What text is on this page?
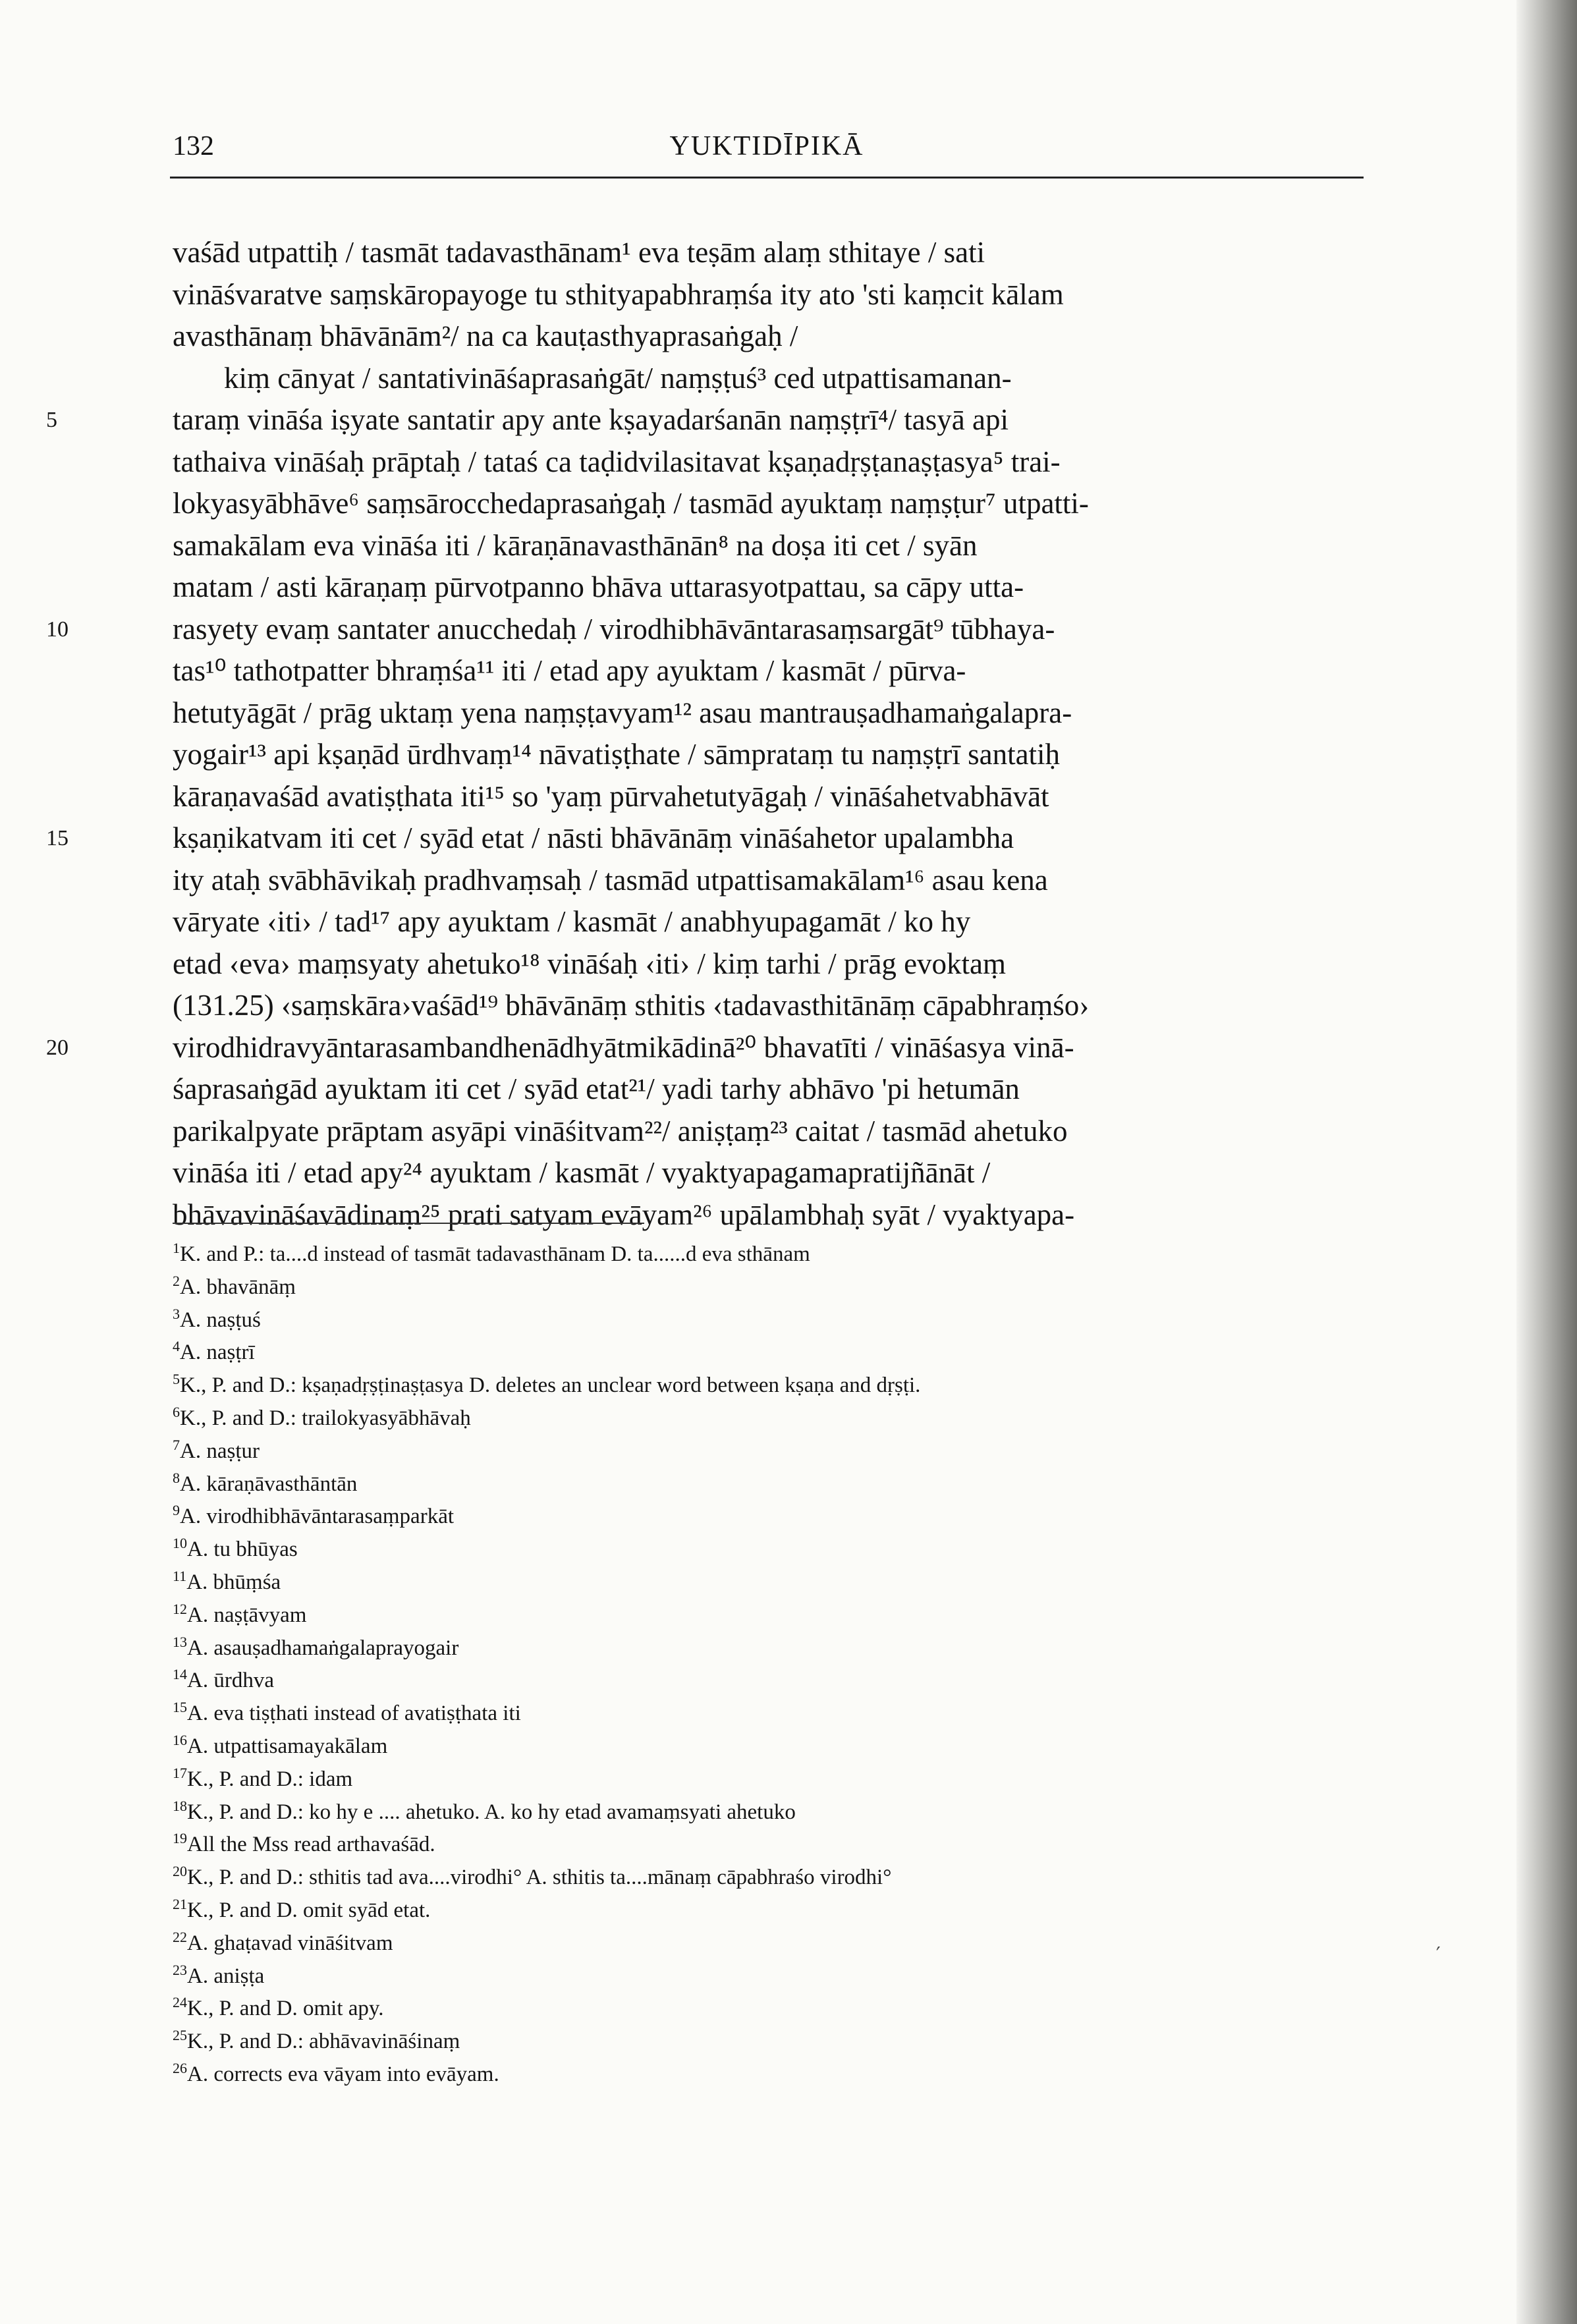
132	YUKTIDĪPIKĀ
5
10
15
20
vaśād utpattiḥ / tasmāt tadavasthānam¹ eva teṣām alaṃ sthitaye / sati
vināśvaratve saṃskāropayoge tu sthityapabhraṃśa ity ato 'sti kaṃcit kālam
avasthānaṃ bhāvānām²/ na ca kauṭasthyaprasaṅgaḥ /
kiṃ cānyat / santativināśaprasaṅgāt/ naṃṣṭuś³ ced utpattisamanan-
taraṃ vināśa iṣyate santatir apy ante kṣayadarśanān naṃṣṭrī⁴/ tasyā api
tathaiva vināśaḥ prāptaḥ / tataś ca taḍidvilasitavat kṣaṇadṛṣṭanaṣṭasya⁵ trai-
lokyasyābhāve⁶ saṃsārocchedaprasaṅgaḥ / tasmād ayuktaṃ naṃṣṭur⁷ utpatti-
samakālam eva vināśa iti / kāraṇānavasthānān⁸ na doṣa iti cet / syān
matam / asti kāraṇaṃ pūrvotpanno bhāva uttarasyotpattau, sa cāpy utta-
rasyety evaṃ santater anucchedaḥ / virodhibhāvāntarasaṃsargāt⁹ tūbhaya-
tas¹⁰ tathotpatter bhraṃśa¹¹ iti / etad apy ayuktam / kasmāt / pūrva-
hetutyāgāt / prāg uktaṃ yena naṃṣṭavyam¹² asau mantrauṣadhamaṅgalapra-
yogair¹³ api kṣaṇād ūrdhvaṃ¹⁴ nāvatiṣṭhate / sāmprataṃ tu naṃṣṭrī santatiḥ
kāraṇavaśād avatiṣṭhata iti¹⁵ so 'yaṃ pūrvahetutyāgaḥ / vināśahetvabhāvāt
kṣaṇikatvam iti cet / syād etat / nāsti bhāvānāṃ vināśahetor upalambha
ity ataḥ svābhāvikaḥ pradhvaṃsaḥ / tasmād utpattisamakālam¹⁶ asau kena
vāryate ‹iti› / tad¹⁷ apy ayuktam / kasmāt / anabhyupagamāt / ko hy
etad ‹eva› maṃsyaty ahetuko¹⁸ vināśaḥ ‹iti› / kiṃ tarhi / prāg evoktaṃ
(131.25) ‹saṃskāra›vaśād¹⁹ bhāvānāṃ sthitis ‹tadavasthitānāṃ cāpabhraṃśo›
virodhidravyāntarasambandhenādhyātmikādinā²⁰ bhavatīti / vināśasya vinā-
śaprasaṅgād ayuktam iti cet / syād etat²¹/ yadi tarhy abhāvo 'pi hetumān
parikalpyate prāptam asyāpi vināśitvam²²/ aniṣṭaṃ²³ caitat / tasmād ahetuko
vināśa iti / etad apy²⁴ ayuktam / kasmāt / vyaktyapagamapratijñānāt /
bhāvavināśavādinaṃ²⁵ prati satyam evāyam²⁶ upālambhaḥ syāt / vyaktyapa-
$^1$K. and P.: ta....d instead of tasmāt tadavasthānam D. ta......d eva sthānam
$^2$A. bhavānāṃ
$^3$A. naṣṭuś
$^4$A. naṣṭrī
$^5$K., P. and D.: kṣaṇadṛṣṭinaṣṭasya D. deletes an unclear word between kṣaṇa and dṛṣṭi.
$^6$K., P. and D.: trailokyasyābhāvaḥ
$^7$A. naṣṭur
$^8$A. kāraṇāvasthāntān
$^9$A. virodhibhāvāntarasaṃparkāt
$^{10}$A. tu bhūyas
$^{11}$A. bhūṃśa
$^{12}$A. naṣṭāvyam
$^{13}$A. asauṣadhamaṅgalaprayogair
$^{14}$A. ūrdhva
$^{15}$A. eva tiṣṭhati instead of avatiṣṭhata iti
$^{16}$A. utpattisamayakālam
$^{17}$K., P. and D.: idam
$^{18}$K., P. and D.: ko hy e .... ahetuko. A. ko hy etad avamaṃsyati ahetuko
$^{19}$All the Mss read arthavaśād.
$^{20}$K., P. and D.: sthitis tad ava....virodhi° A. sthitis ta....mānaṃ cāpabhraśo virodhi°
$^{21}$K., P. and D. omit syād etat.
$^{22}$A. ghaṭavad vināśitvam
$^{23}$A. aniṣṭa
$^{24}$K., P. and D. omit apy.
$^{25}$K., P. and D.: abhāvavināśinaṃ
$^{26}$A. corrects eva vāyam into evāyam.
′
